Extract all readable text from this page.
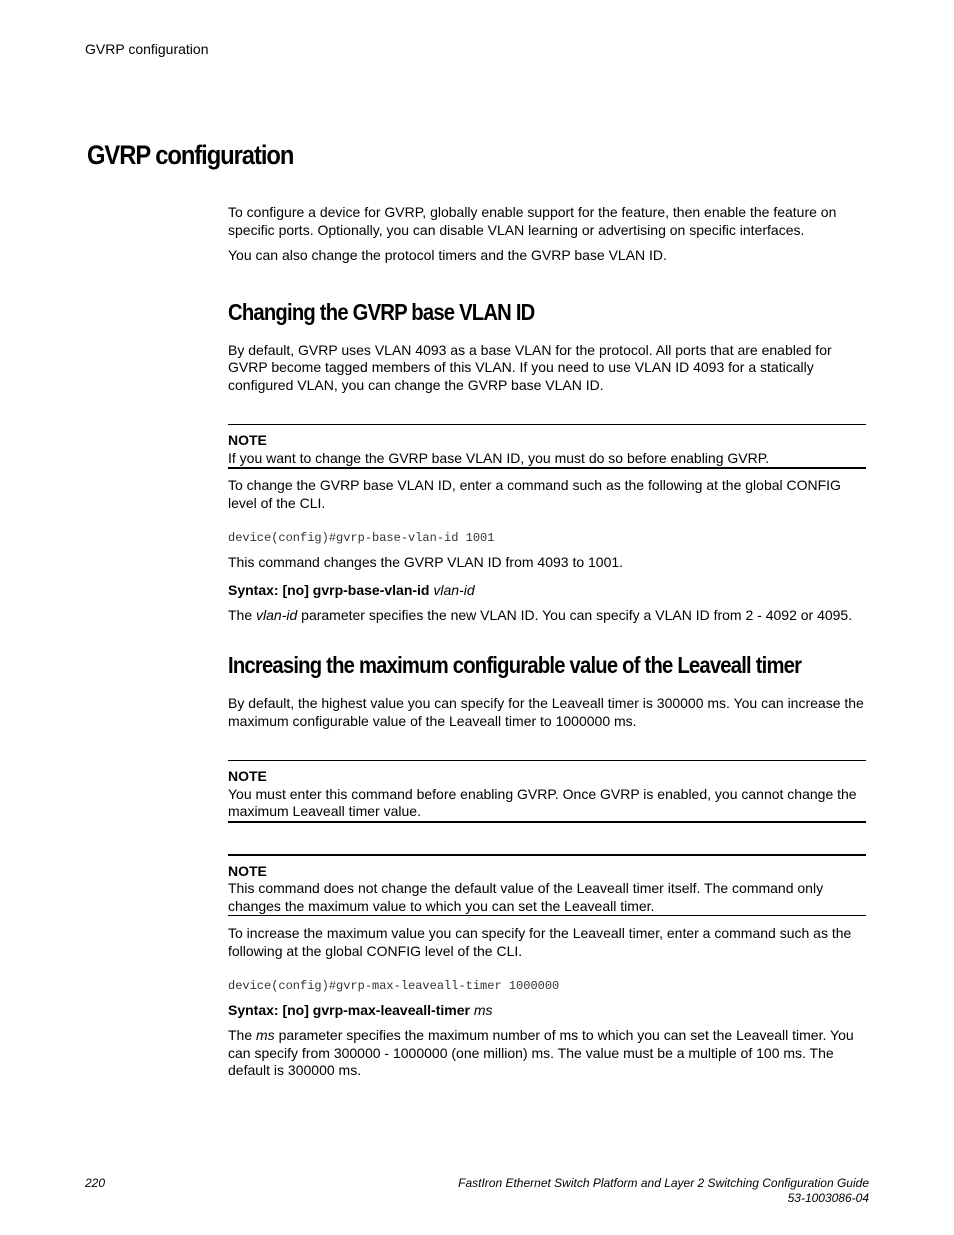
GVRP configuration
GVRP configuration

To configure a device for GVRP, globally enable support for the feature, then enable the feature on specific ports. Optionally, you can disable VLAN learning or advertising on specific interfaces.

You can also change the protocol timers and the GVRP base VLAN ID.

Changing the GVRP base VLAN ID

By default, GVRP uses VLAN 4093 as a base VLAN for the protocol. All ports that are enabled for GVRP become tagged members of this VLAN. If you need to use VLAN ID 4093 for a statically configured VLAN, you can change the GVRP base VLAN ID.

NOTE
If you want to change the GVRP base VLAN ID, you must do so before enabling GVRP.

To change the GVRP base VLAN ID, enter a command such as the following at the global CONFIG level of the CLI.

device(config)#gvrp-base-vlan-id 1001

This command changes the GVRP VLAN ID from 4093 to 1001.

Syntax: [no] gvrp-base-vlan-id vlan-id

The vlan-id parameter specifies the new VLAN ID. You can specify a VLAN ID from 2 - 4092 or 4095.

Increasing the maximum configurable value of the Leaveall timer

By default, the highest value you can specify for the Leaveall timer is 300000 ms. You can increase the maximum configurable value of the Leaveall timer to 1000000 ms.

NOTE
You must enter this command before enabling GVRP. Once GVRP is enabled, you cannot change the maximum Leaveall timer value.
NOTE
This command does not change the default value of the Leaveall timer itself. The command only changes the maximum value to which you can set the Leaveall timer.

To increase the maximum value you can specify for the Leaveall timer, enter a command such as the following at the global CONFIG level of the CLI.

device(config)#gvrp-max-leaveall-timer 1000000

Syntax: [no] gvrp-max-leaveall-timer ms

The ms parameter specifies the maximum number of ms to which you can set the Leaveall timer. You can specify from 300000 - 1000000 (one million) ms. The value must be a multiple of 100 ms. The default is 300000 ms.

220	FastIron Ethernet Switch Platform and Layer 2 Switching Configuration Guide
53-1003086-04
